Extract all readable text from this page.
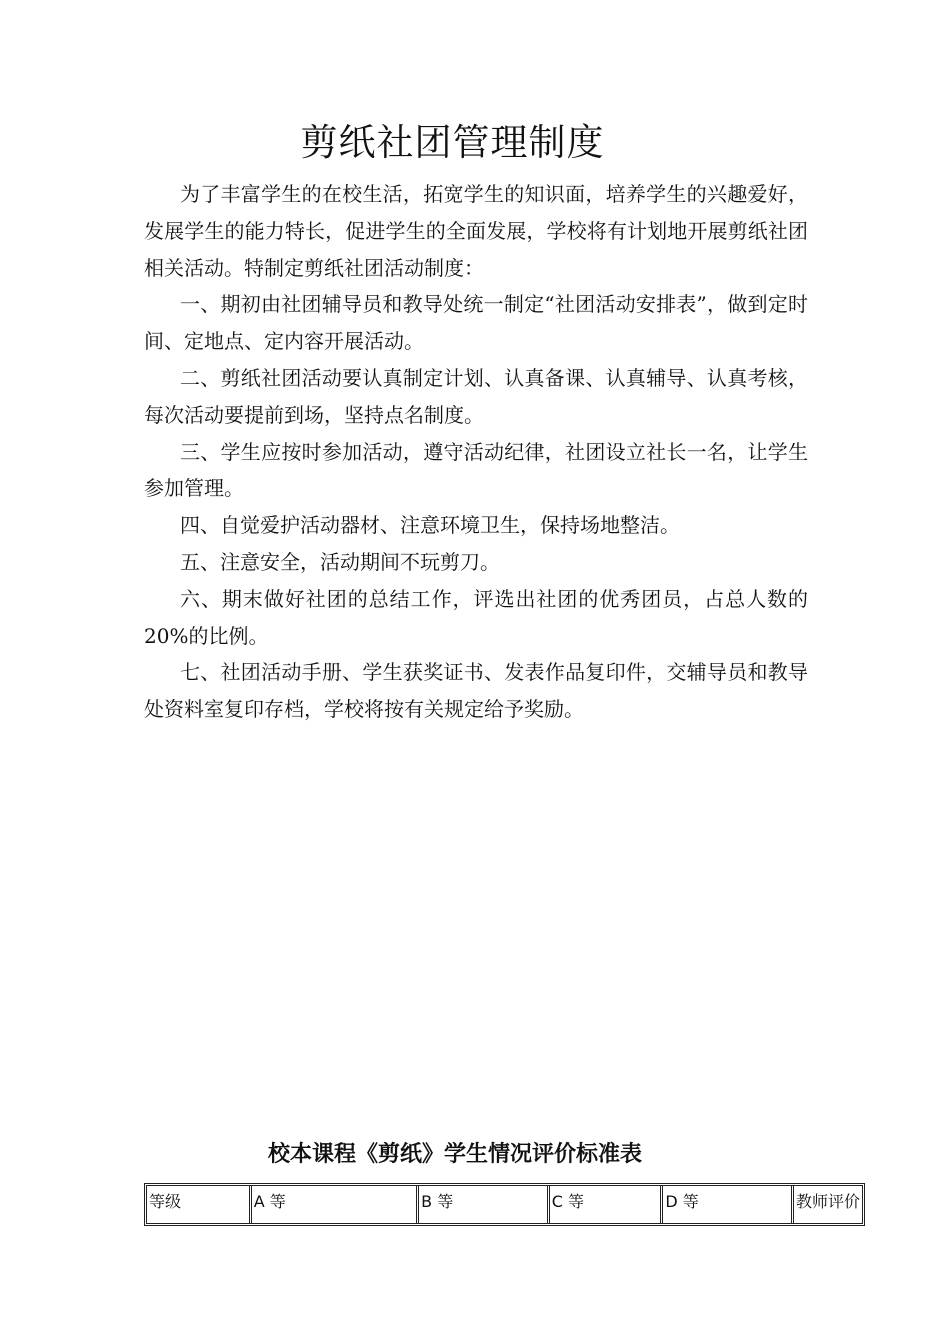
剪纸社团管理制度

为了丰富学生的在校生活，拓宽学生的知识面，培养学生的兴趣爱好，发展学生的能力特长，促进学生的全面发展，学校将有计划地开展剪纸社团相关活动。特制定剪纸社团活动制度：

一、期初由社团辅导员和教导处统一制定“社团活动安排表”，做到定时间、定地点、定内容开展活动。

二、剪纸社团活动要认真制定计划、认真备课、认真辅导、认真考核，每次活动要提前到场，坚持点名制度。

三、学生应按时参加活动，遵守活动纪律，社团设立社长一名，让学生参加管理。

四、自觉爱护活动器材、注意环境卫生，保持场地整洁。

五、注意安全，活动期间不玩剪刀。

六、期末做好社团的总结工作，评选出社团的优秀团员，占总人数的20%的比例。

七、社团活动手册、学生获奖证书、发表作品复印件，交辅导员和教导处资料室复印存档，学校将按有关规定给予奖励。

校本课程《剪纸》学生情况评价标准表
等级	A 等	B 等	C 等	D 等	教师评价
